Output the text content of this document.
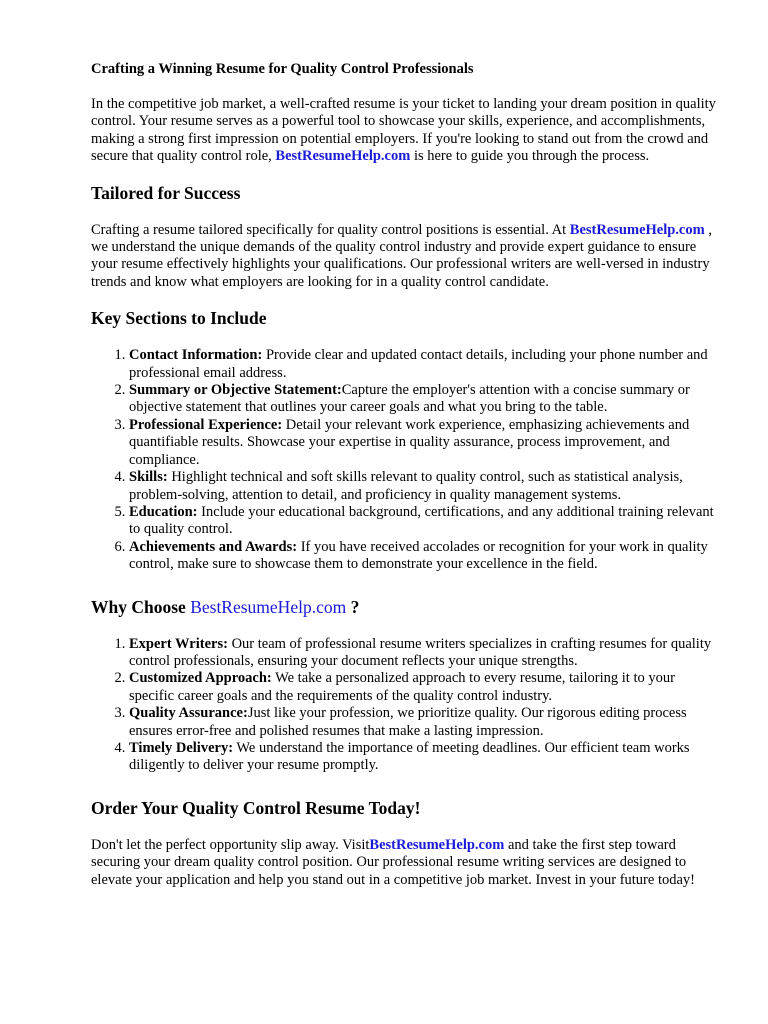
Crafting a Winning Resume for Quality Control Professionals

In the competitive job market, a well-crafted resume is your ticket to landing your dream position in quality control. Your resume serves as a powerful tool to showcase your skills, experience, and accomplishments, making a strong first impression on potential employers. If you're looking to stand out from the crowd and secure that quality control role, BestResumeHelp.com is here to guide you through the process.

Tailored for Success

Crafting a resume tailored specifically for quality control positions is essential. At BestResumeHelp.com , we understand the unique demands of the quality control industry and provide expert guidance to ensure your resume effectively highlights your qualifications. Our professional writers are well-versed in industry trends and know what employers are looking for in a quality control candidate.

Key Sections to Include
1. Contact Information: Provide clear and updated contact details, including your phone number and professional email address.
2. Summary or Objective Statement:Capture the employer's attention with a concise summary or objective statement that outlines your career goals and what you bring to the table.
3. Professional Experience: Detail your relevant work experience, emphasizing achievements and quantifiable results. Showcase your expertise in quality assurance, process improvement, and compliance.
4. Skills: Highlight technical and soft skills relevant to quality control, such as statistical analysis, problem-solving, attention to detail, and proficiency in quality management systems.
5. Education: Include your educational background, certifications, and any additional training relevant to quality control.
6. Achievements and Awards: If you have received accolades or recognition for your work in quality control, make sure to showcase them to demonstrate your excellence in the field.
Why Choose BestResumeHelp.com ?
1. Expert Writers: Our team of professional resume writers specializes in crafting resumes for quality control professionals, ensuring your document reflects your unique strengths.
2. Customized Approach: We take a personalized approach to every resume, tailoring it to your specific career goals and the requirements of the quality control industry.
3. Quality Assurance:Just like your profession, we prioritize quality. Our rigorous editing process ensures error-free and polished resumes that make a lasting impression.
4. Timely Delivery: We understand the importance of meeting deadlines. Our efficient team works diligently to deliver your resume promptly.
Order Your Quality Control Resume Today!

Don't let the perfect opportunity slip away. VisitBestResumeHelp.com and take the first step toward securing your dream quality control position. Our professional resume writing services are designed to elevate your application and help you stand out in a competitive job market. Invest in your future today!
